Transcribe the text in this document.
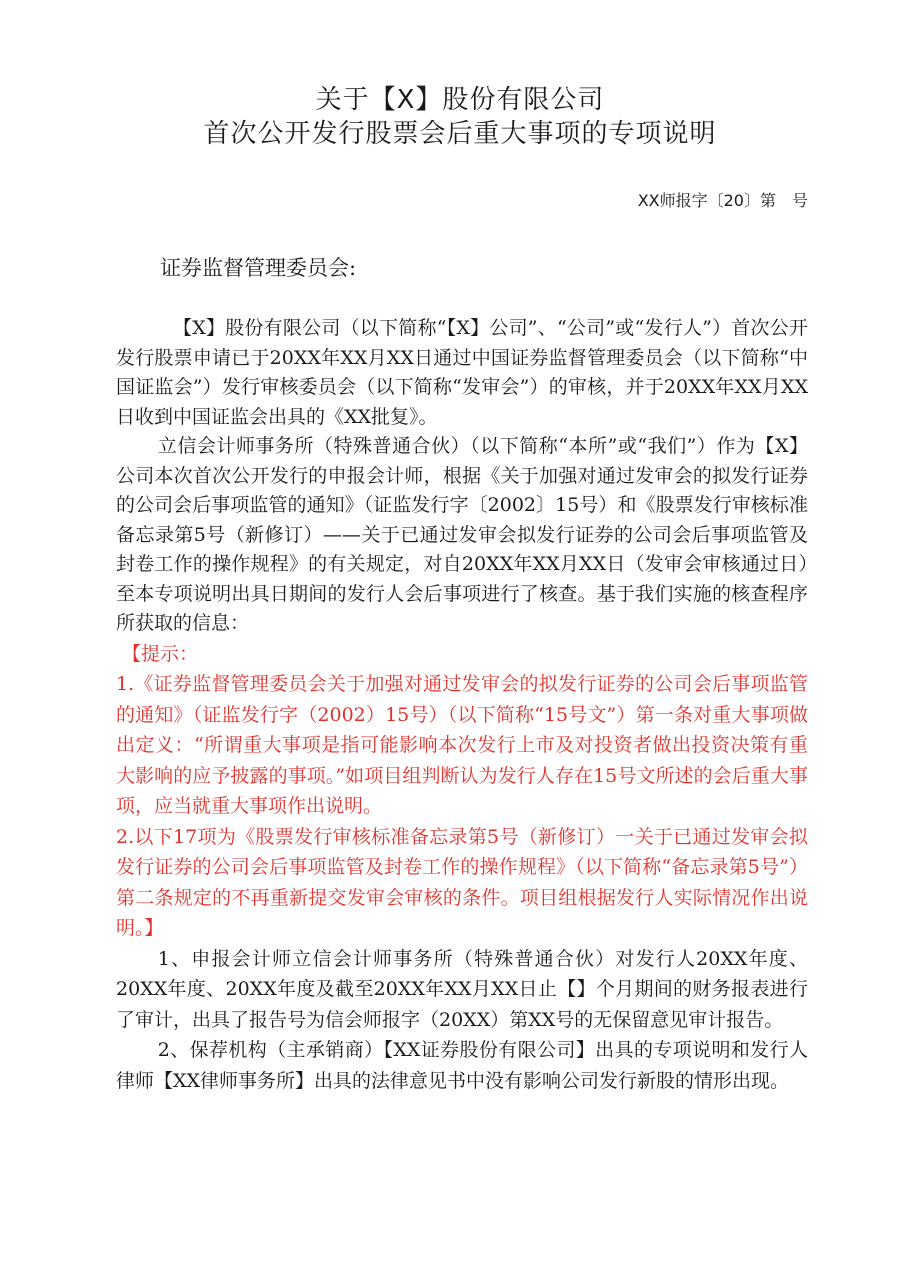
关于【X】股份有限公司
首次公开发行股票会后重大事项的专项说明
XX师报字〔20〕第　号
证券监督管理委员会:

【X】股份有限公司（以下简称“【X】公司”、“公司”或“发行人”）首次公开发行股票申请已于20XX年XX月XX日通过中国证券监督管理委员会（以下简称“中国证监会”）发行审核委员会（以下简称“发审会”）的审核，并于20XX年XX月XX日收到中国证监会出具的《XX批复》。

立信会计师事务所（特殊普通合伙）（以下简称“本所”或“我们”）作为【X】公司本次首次公开发行的申报会计师，根据《关于加强对通过发审会的拟发行证券的公司会后事项监管的通知》（证监发行字〔2002〕15号）和《股票发行审核标准备忘录第5号（新修订）——关于已通过发审会拟发行证券的公司会后事项监管及封卷工作的操作规程》的有关规定，对自20XX年XX月XX日（发审会审核通过日）至本专项说明出具日期间的发行人会后事项进行了核查。基于我们实施的核查程序所获取的信息：

【提示：

1.《证券监督管理委员会关于加强对通过发审会的拟发行证券的公司会后事项监管的通知》（证监发行字（2002）15号）（以下简称“15号文”）第一条对重大事项做出定义：“所谓重大事项是指可能影响本次发行上市及对投资者做出投资决策有重大影响的应予披露的事项。”如项目组判断认为发行人存在15号文所述的会后重大事项，应当就重大事项作出说明。

2.以下17项为《股票发行审核标准备忘录第5号（新修订）一关于已通过发审会拟发行证券的公司会后事项监管及封卷工作的操作规程》（以下简称“备忘录第5号”）第二条规定的不再重新提交发审会审核的条件。项目组根据发行人实际情况作出说明。】

1、申报会计师立信会计师事务所（特殊普通合伙）对发行人20XX年度、20XX年度、20XX年度及截至20XX年XX月XX日止【】个月期间的财务报表进行了审计，出具了报告号为信会师报字（20XX）第XX号的无保留意见审计报告。

2、保荐机构（主承销商）【XX证券股份有限公司】出具的专项说明和发行人律师【XX律师事务所】出具的法律意见书中没有影响公司发行新股的情形出现。
